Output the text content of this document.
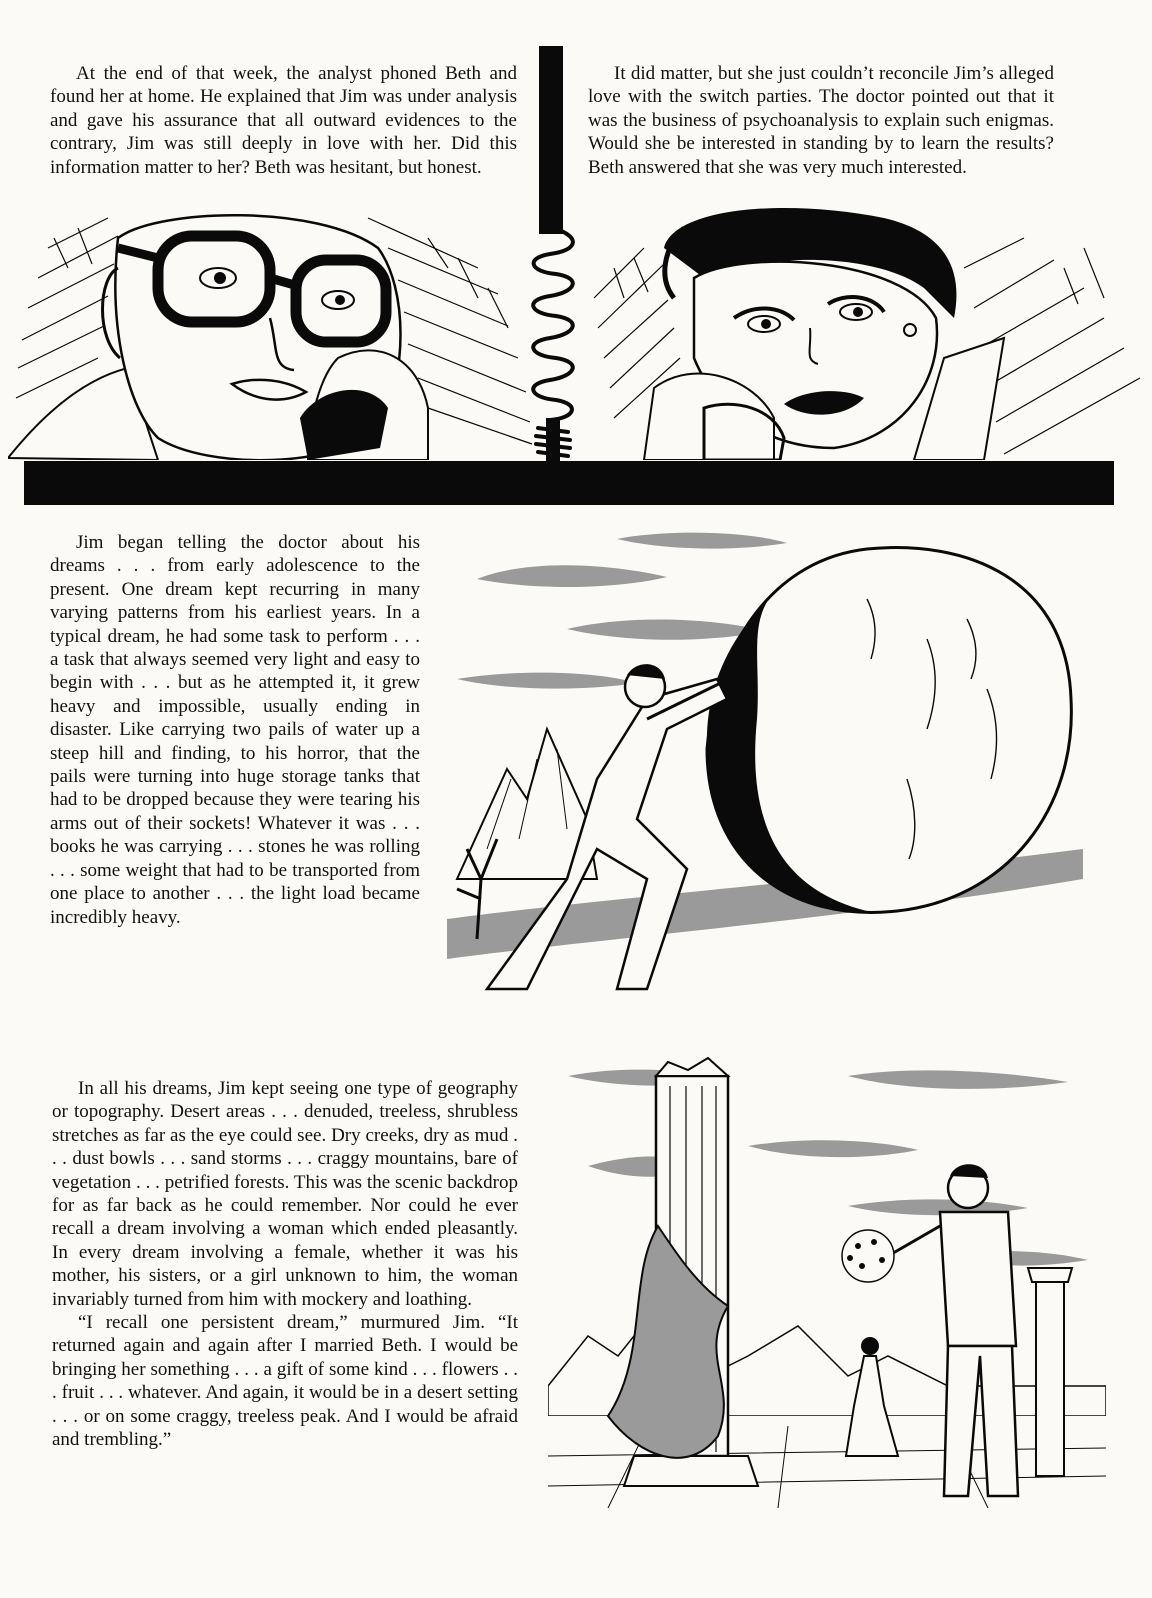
At the end of that week, the analyst phoned Beth and found her at home. He explained that Jim was under analysis and gave his assurance that all outward evidences to the contrary, Jim was still deeply in love with her. Did this information matter to her? Beth was hesitant, but honest.

It did matter, but she just couldn’t reconcile Jim’s alleged love with the switch parties. The doctor pointed out that it was the business of psychoanalysis to explain such enigmas. Would she be interested in standing by to learn the results? Beth answered that she was very much interested.

Jim began telling the doctor about his dreams . . . from early adolescence to the present. One dream kept recurring in many varying patterns from his earliest years. In a typical dream, he had some task to perform . . . a task that always seemed very light and easy to begin with . . . but as he attempted it, it grew heavy and impossible, usually ending in disaster. Like carrying two pails of water up a steep hill and finding, to his horror, that the pails were turning into huge storage tanks that had to be dropped because they were tearing his arms out of their sockets! Whatever it was . . . books he was carrying . . . stones he was rolling . . . some weight that had to be transported from one place to another . . . the light load became incredibly heavy.

In all his dreams, Jim kept seeing one type of geography or topography. Desert areas . . . denuded, treeless, shrubless stretches as far as the eye could see. Dry creeks, dry as mud . . . dust bowls . . . sand storms . . . craggy mountains, bare of vegetation . . . petrified forests. This was the scenic backdrop for as far back as he could remember. Nor could he ever recall a dream involving a woman which ended pleasantly. In every dream involving a female, whether it was his mother, his sisters, or a girl unknown to him, the woman invariably turned from him with mockery and loathing.

“I recall one persistent dream,” murmured Jim. “It returned again and again after I married Beth. I would be bringing her something . . . a gift of some kind . . . flowers . . . fruit . . . whatever. And again, it would be in a desert setting . . . or on some craggy, treeless peak. And I would be afraid and trembling.”
